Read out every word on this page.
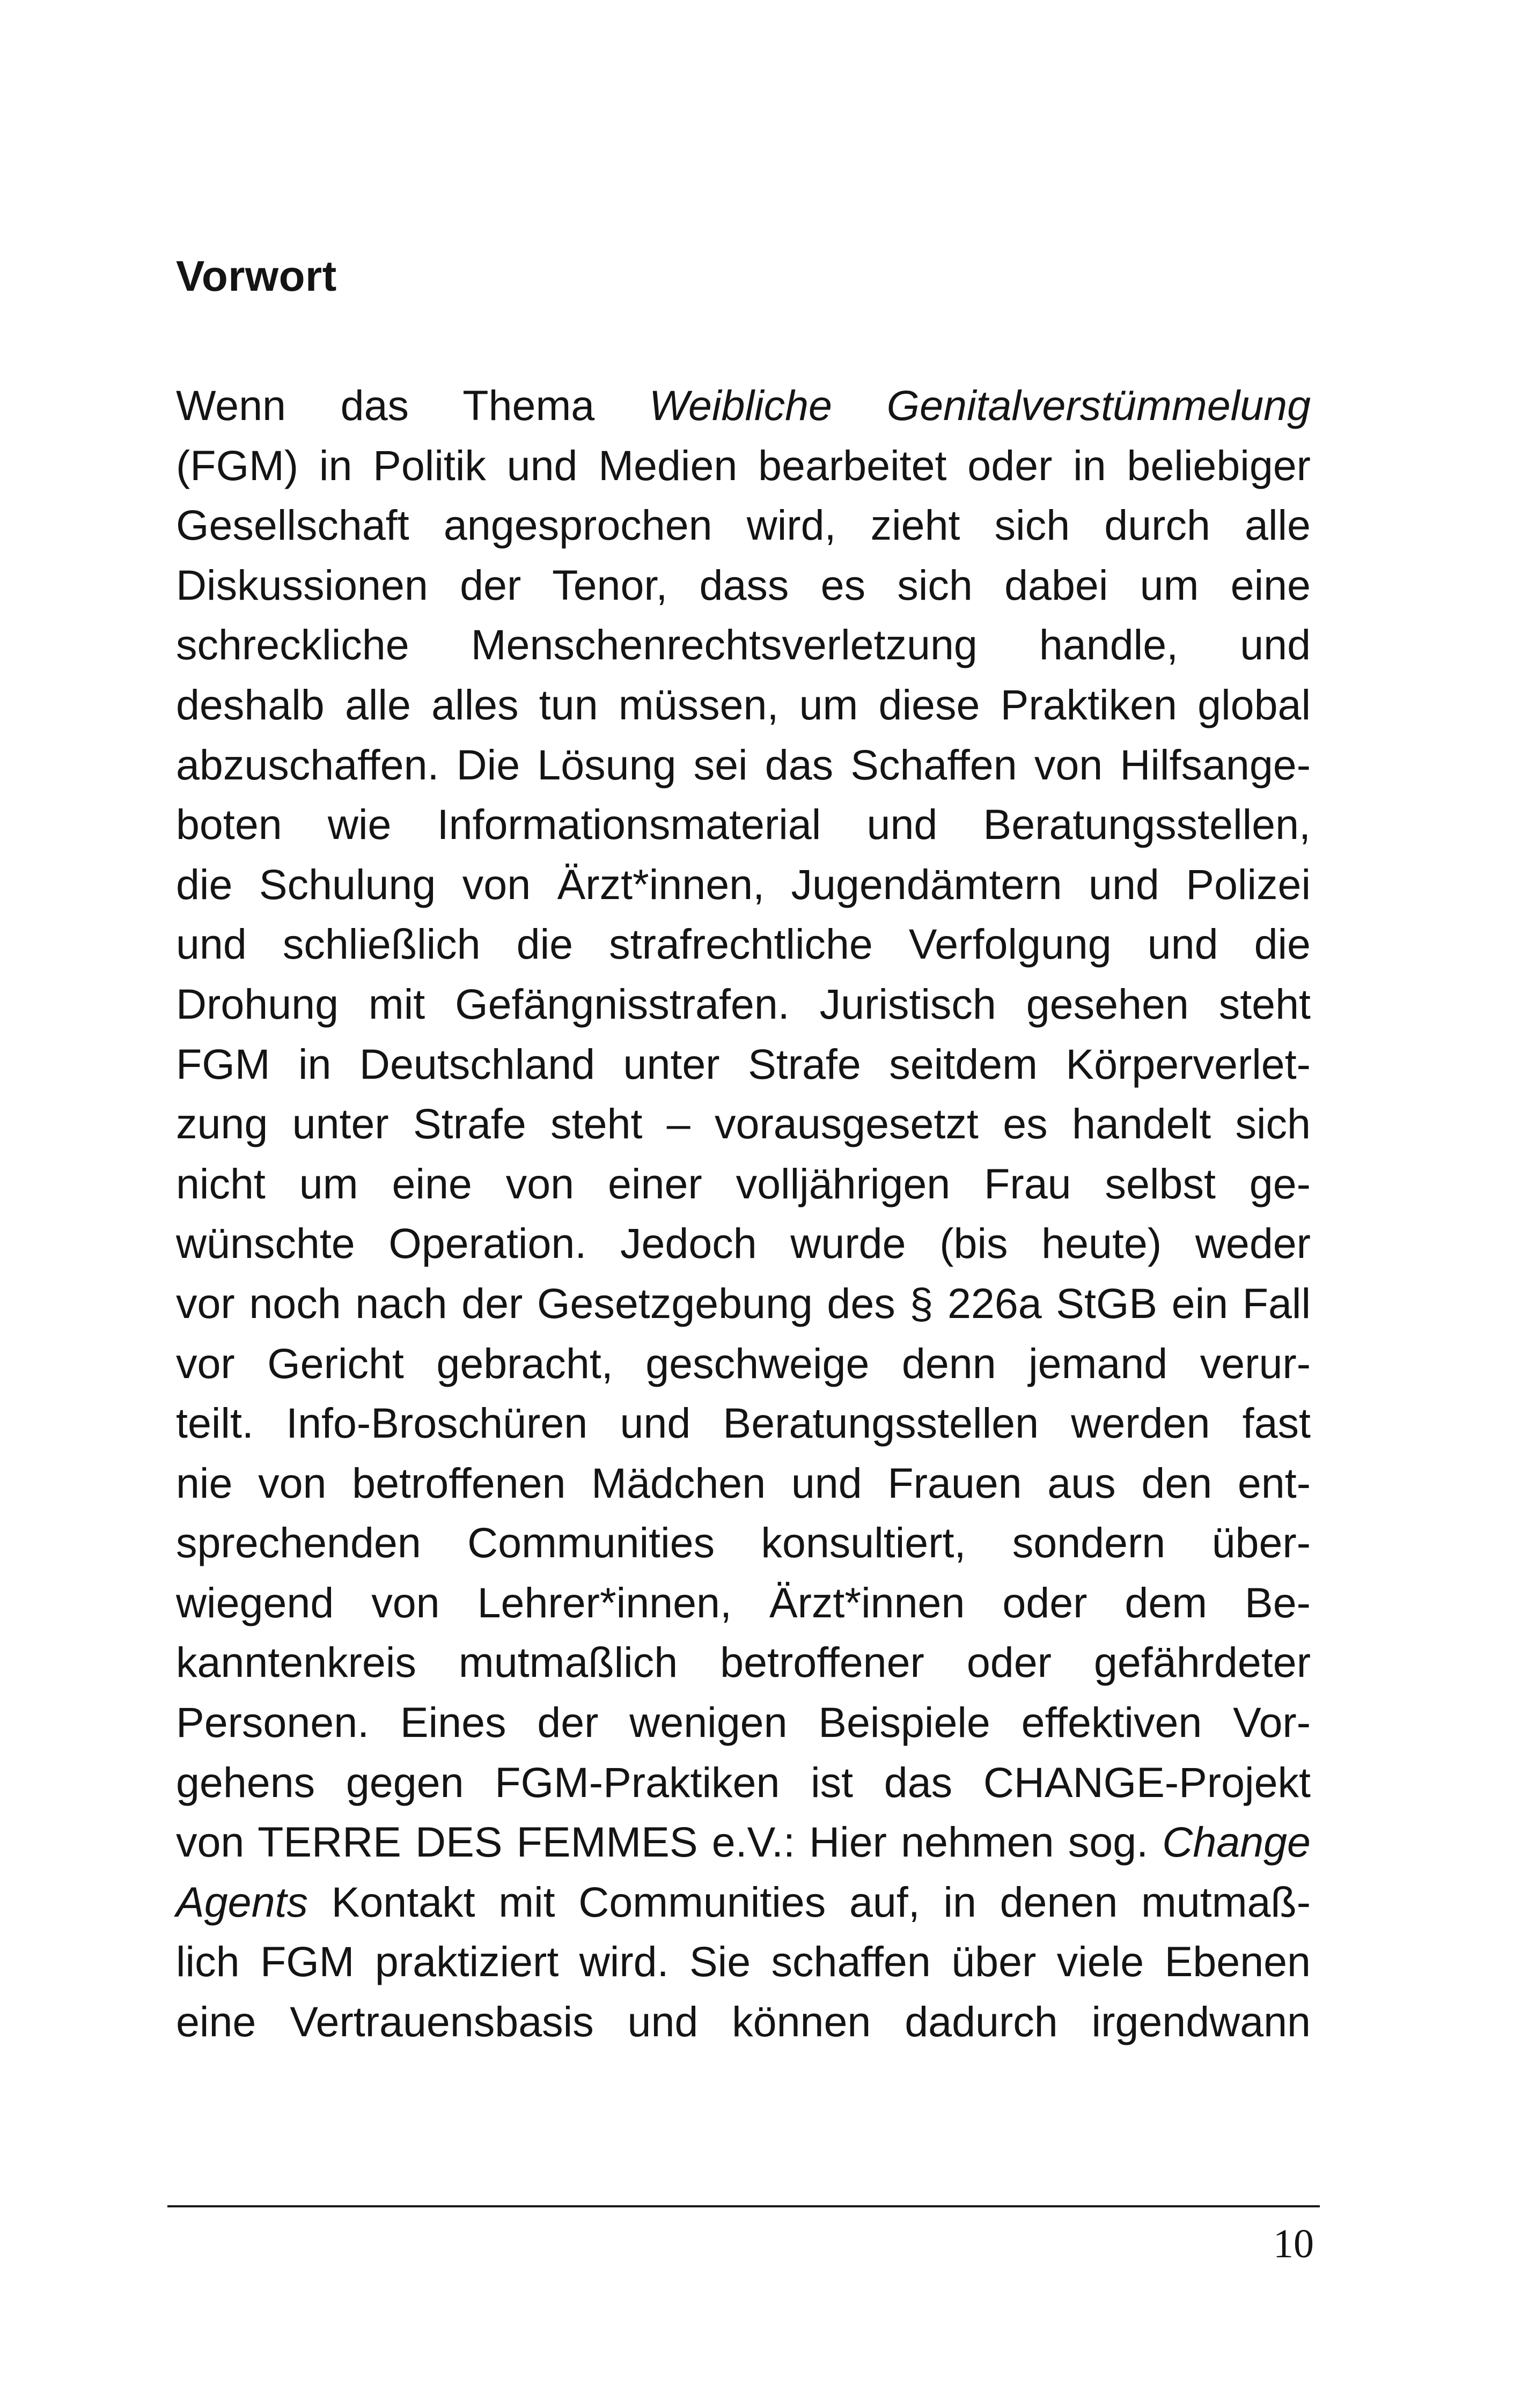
Vorwort
Wenn das Thema Weibliche Genitalverstümmelung
(FGM) in Politik und Medien bearbeitet oder in beliebiger
Gesellschaft angesprochen wird, zieht sich durch alle
Diskussionen der Tenor, dass es sich dabei um eine
schreckliche Menschenrechtsverletzung handle, und
deshalb alle alles tun müssen, um diese Praktiken global
abzuschaffen. Die Lösung sei das Schaffen von Hilfsange-
boten wie Informationsmaterial und Beratungsstellen,
die Schulung von Ärzt*innen, Jugendämtern und Polizei
und schließlich die strafrechtliche Verfolgung und die
Drohung mit Gefängnisstrafen. Juristisch gesehen steht
FGM in Deutschland unter Strafe seitdem Körperverlet-
zung unter Strafe steht – vorausgesetzt es handelt sich
nicht um eine von einer volljährigen Frau selbst ge-
wünschte Operation. Jedoch wurde (bis heute) weder
vor noch nach der Gesetzgebung des § 226a StGB ein Fall
vor Gericht gebracht, geschweige denn jemand verur-
teilt. Info-Broschüren und Beratungsstellen werden fast
nie von betroffenen Mädchen und Frauen aus den ent-
sprechenden Communities konsultiert, sondern über-
wiegend von Lehrer*innen, Ärzt*innen oder dem Be-
kanntenkreis mutmaßlich betroffener oder gefährdeter
Personen. Eines der wenigen Beispiele effektiven Vor-
gehens gegen FGM-Praktiken ist das CHANGE-Projekt
von TERRE DES FEMMES e.V.: Hier nehmen sog. Change
Agents Kontakt mit Communities auf, in denen mutmaß-
lich FGM praktiziert wird. Sie schaffen über viele Ebenen
eine Vertrauensbasis und können dadurch irgendwann
10
